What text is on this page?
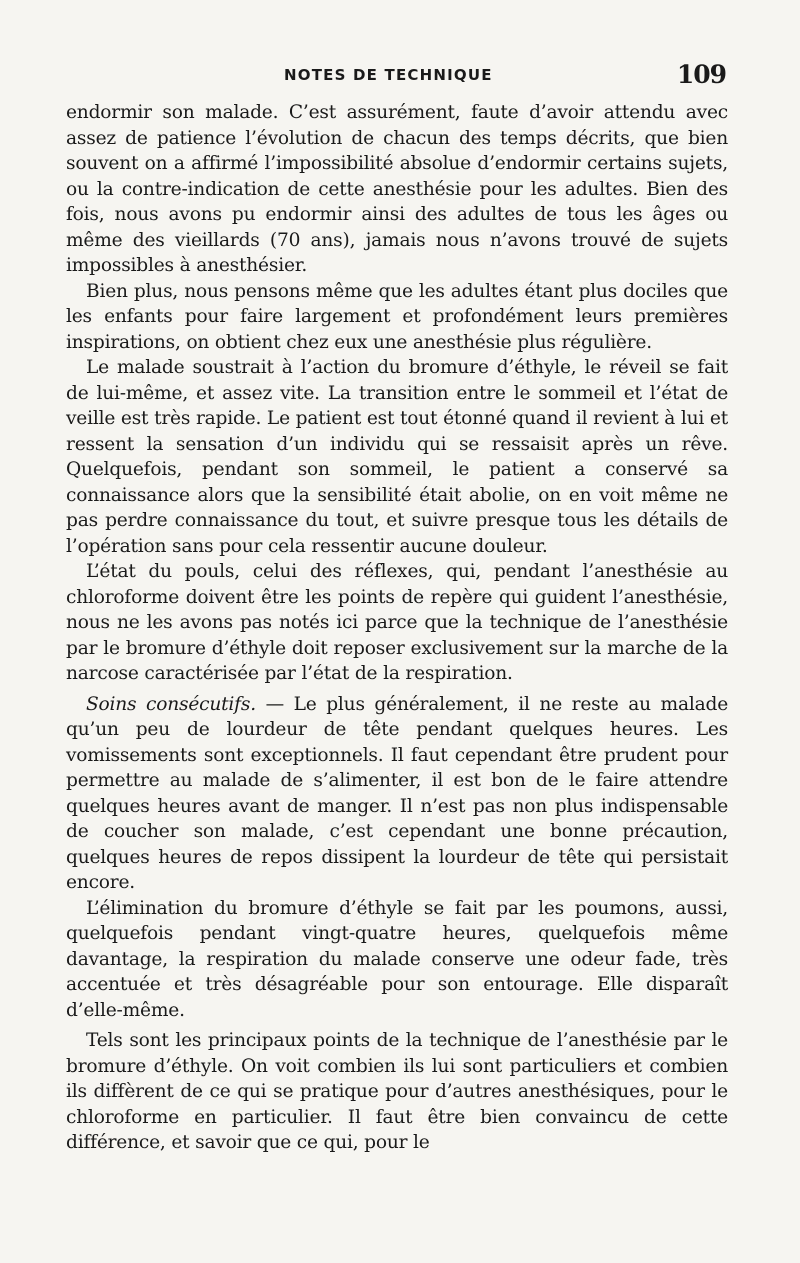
NOTES DE TECHNIQUE	109

endormir son malade. C’est assurément, faute d’avoir attendu avec assez de patience l’évolution de chacun des temps décrits, que bien souvent on a affirmé l’impossibilité absolue d’endormir certains sujets, ou la contre-indication de cette anesthésie pour les adultes. Bien des fois, nous avons pu endormir ainsi des adultes de tous les âges ou même des vieillards (70 ans), jamais nous n’avons trouvé de sujets impossibles à anesthésier.

Bien plus, nous pensons même que les adultes étant plus dociles que les enfants pour faire largement et profondément leurs premières inspirations, on obtient chez eux une anesthésie plus régulière.

Le malade soustrait à l’action du bromure d’éthyle, le réveil se fait de lui-même, et assez vite. La transition entre le sommeil et l’état de veille est très rapide. Le patient est tout étonné quand il revient à lui et ressent la sensation d’un individu qui se ressaisit après un rêve. Quelquefois, pendant son sommeil, le patient a conservé sa connaissance alors que la sensibilité était abolie, on en voit même ne pas perdre connaissance du tout, et suivre presque tous les détails de l’opération sans pour cela ressentir aucune douleur.

L’état du pouls, celui des réflexes, qui, pendant l’anesthésie au chloroforme doivent être les points de repère qui guident l’anesthésie, nous ne les avons pas notés ici parce que la technique de l’anesthésie par le bromure d’éthyle doit reposer exclusivement sur la marche de la narcose caractérisée par l’état de la respiration.

Soins consécutifs. — Le plus généralement, il ne reste au malade qu’un peu de lourdeur de tête pendant quelques heures. Les vomissements sont exceptionnels. Il faut cependant être prudent pour permettre au malade de s’alimenter, il est bon de le faire attendre quelques heures avant de manger. Il n’est pas non plus indispensable de coucher son malade, c’est cependant une bonne précaution, quelques heures de repos dissipent la lourdeur de tête qui persistait encore.

L’élimination du bromure d’éthyle se fait par les poumons, aussi, quelquefois pendant vingt-quatre heures, quelquefois même davantage, la respiration du malade conserve une odeur fade, très accentuée et très désagréable pour son entourage. Elle disparaît d’elle-même.

Tels sont les principaux points de la technique de l’anesthésie par le bromure d’éthyle. On voit combien ils lui sont particuliers et combien ils diffèrent de ce qui se pratique pour d’autres anesthésiques, pour le chloroforme en particulier. Il faut être bien convaincu de cette différence, et savoir que ce qui, pour le
